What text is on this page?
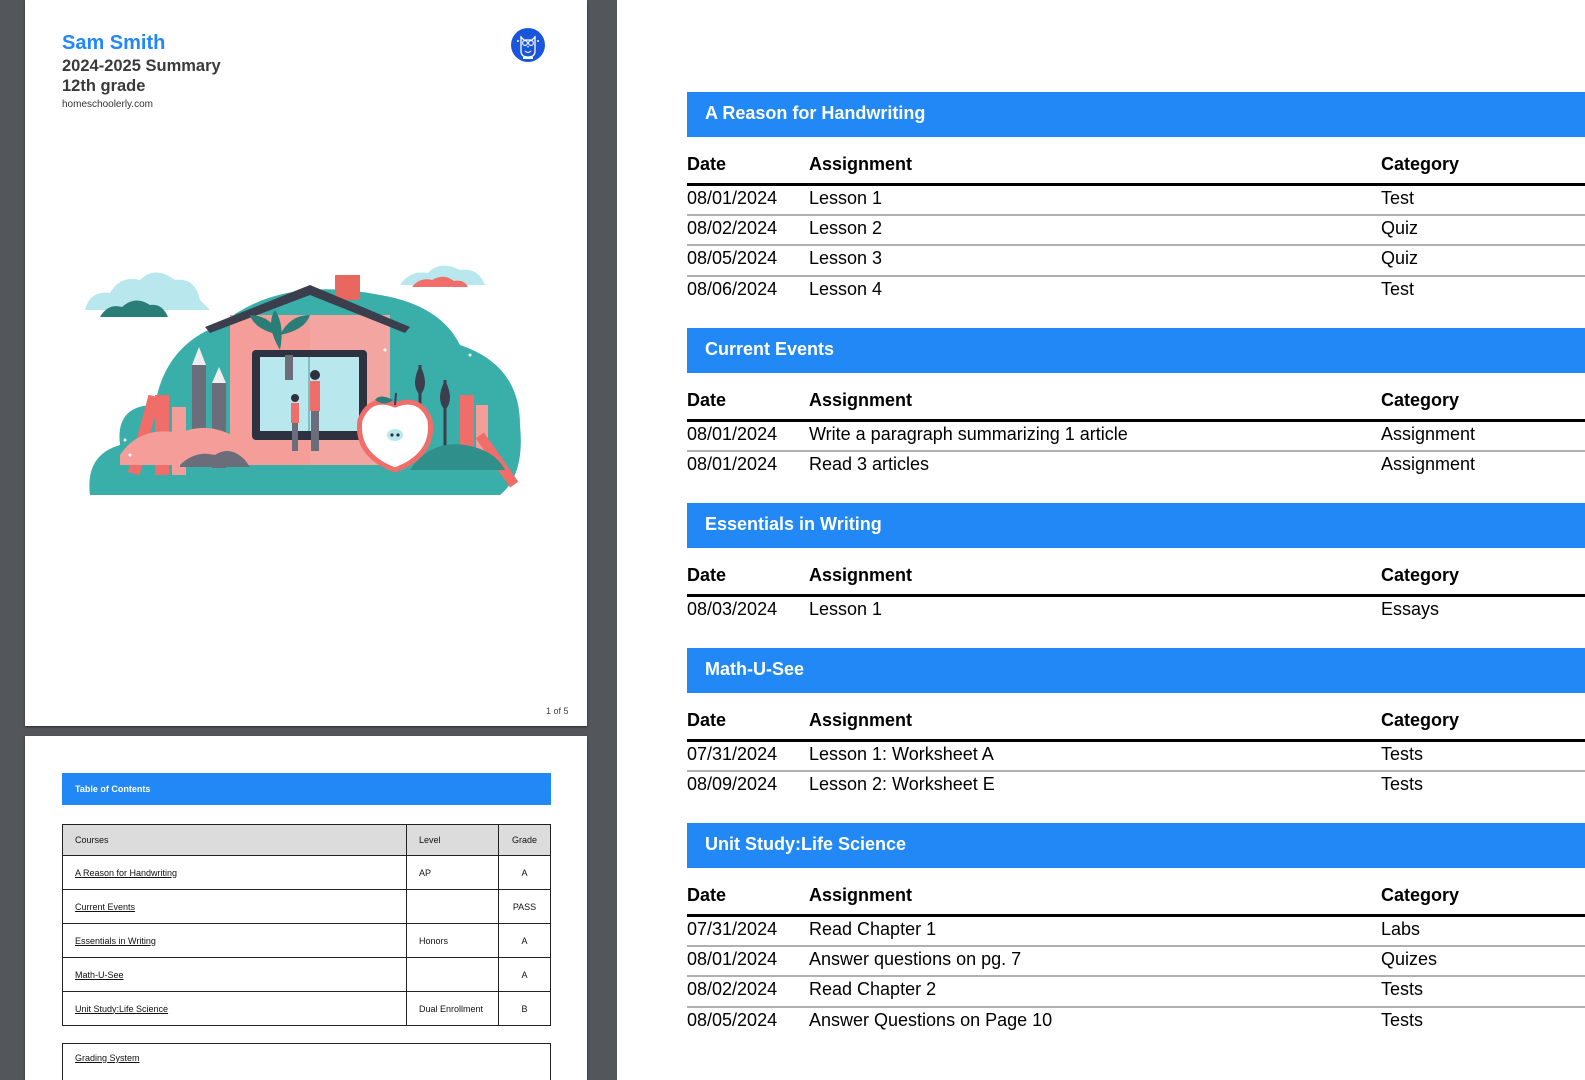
Sam Smith
2024-2025 Summary
12th grade
homeschoolerly.com
1 of 5
Table of Contents
Courses	Level	Grade
A Reason for Handwriting	AP	A
Current Events		PASS
Essentials in Writing	Honors	A
Math-U-See		A
Unit Study:Life Science	Dual Enrollment	B
Grading System
A Reason for Handwriting
Date	Assignment	Category
08/01/2024	Lesson 1	Test
08/02/2024	Lesson 2	Quiz
08/05/2024	Lesson 3	Quiz
08/06/2024	Lesson 4	Test
Current Events
Date	Assignment	Category
08/01/2024	Write a paragraph summarizing 1 article	Assignment
08/01/2024	Read 3 articles	Assignment
Essentials in Writing
Date	Assignment	Category
08/03/2024	Lesson 1	Essays
Math-U-See
Date	Assignment	Category
07/31/2024	Lesson 1: Worksheet A	Tests
08/09/2024	Lesson 2: Worksheet E	Tests
Unit Study:Life Science
Date	Assignment	Category
07/31/2024	Read Chapter 1	Labs
08/01/2024	Answer questions on pg. 7	Quizes
08/02/2024	Read Chapter 2	Tests
08/05/2024	Answer Questions on Page 10	Tests
